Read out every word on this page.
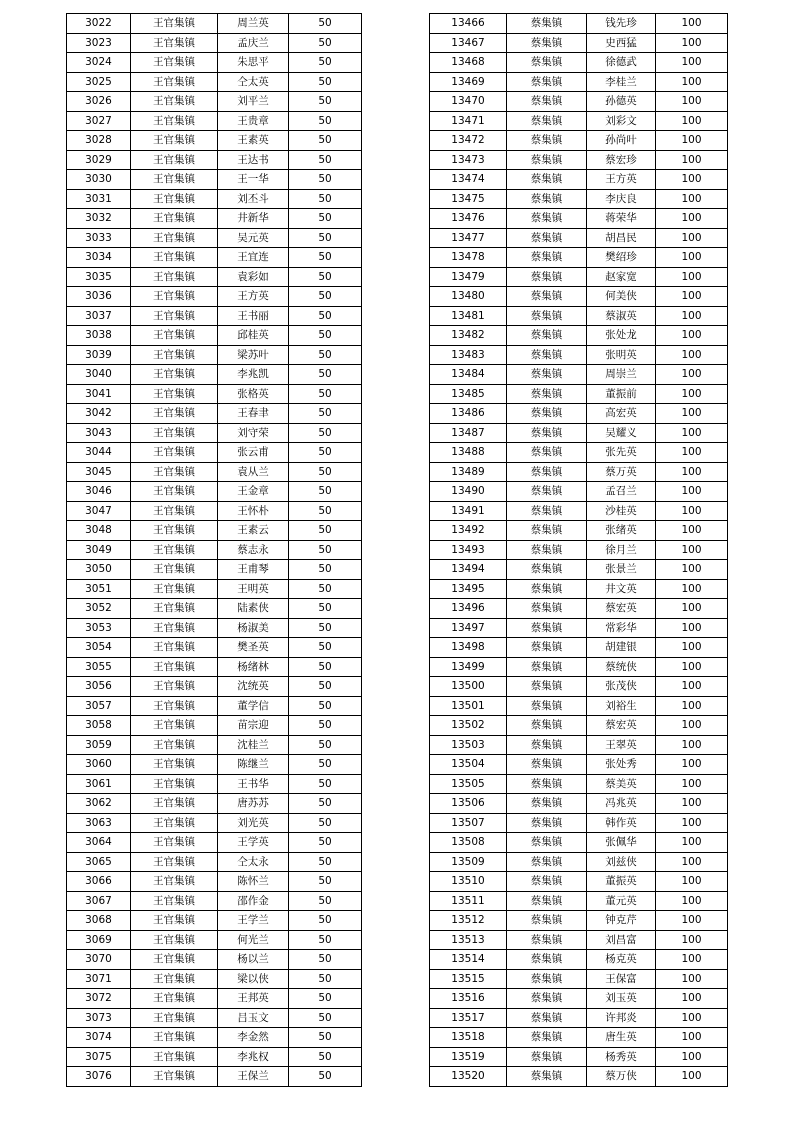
3022	王官集镇	周兰英	50
3023	王官集镇	孟庆兰	50
3024	王官集镇	朱思平	50
3025	王官集镇	仝太英	50
3026	王官集镇	刘平兰	50
3027	王官集镇	王贵章	50
3028	王官集镇	王素英	50
3029	王官集镇	王达书	50
3030	王官集镇	王一华	50
3031	王官集镇	刘丕斗	50
3032	王官集镇	井新华	50
3033	王官集镇	吴元英	50
3034	王官集镇	王宜连	50
3035	王官集镇	袁彩如	50
3036	王官集镇	王方英	50
3037	王官集镇	王书丽	50
3038	王官集镇	邱桂英	50
3039	王官集镇	梁苏叶	50
3040	王官集镇	李兆凯	50
3041	王官集镇	张格英	50
3042	王官集镇	王春聿	50
3043	王官集镇	刘守荣	50
3044	王官集镇	张云甫	50
3045	王官集镇	袁从兰	50
3046	王官集镇	王金章	50
3047	王官集镇	王怀朴	50
3048	王官集镇	王素云	50
3049	王官集镇	蔡志永	50
3050	王官集镇	王甫琴	50
3051	王官集镇	王明英	50
3052	王官集镇	陆素侠	50
3053	王官集镇	杨淑美	50
3054	王官集镇	樊圣英	50
3055	王官集镇	杨绪林	50
3056	王官集镇	沈统英	50
3057	王官集镇	董学信	50
3058	王官集镇	苗宗迎	50
3059	王官集镇	沈桂兰	50
3060	王官集镇	陈继兰	50
3061	王官集镇	王书华	50
3062	王官集镇	唐苏苏	50
3063	王官集镇	刘光英	50
3064	王官集镇	王学英	50
3065	王官集镇	仝太永	50
3066	王官集镇	陈怀兰	50
3067	王官集镇	邵作金	50
3068	王官集镇	王学兰	50
3069	王官集镇	何光兰	50
3070	王官集镇	杨以兰	50
3071	王官集镇	梁以侠	50
3072	王官集镇	王邦英	50
3073	王官集镇	吕玉文	50
3074	王官集镇	李金然	50
3075	王官集镇	李兆权	50
3076	王官集镇	王保兰	50
13466	蔡集镇	钱先珍	100
13467	蔡集镇	史西猛	100
13468	蔡集镇	徐德武	100
13469	蔡集镇	李桂兰	100
13470	蔡集镇	孙德英	100
13471	蔡集镇	刘彩文	100
13472	蔡集镇	孙尚叶	100
13473	蔡集镇	蔡宏珍	100
13474	蔡集镇	王方英	100
13475	蔡集镇	李庆良	100
13476	蔡集镇	蒋荣华	100
13477	蔡集镇	胡昌民	100
13478	蔡集镇	樊绍珍	100
13479	蔡集镇	赵家宽	100
13480	蔡集镇	何美侠	100
13481	蔡集镇	蔡淑英	100
13482	蔡集镇	张处龙	100
13483	蔡集镇	张明英	100
13484	蔡集镇	周崇兰	100
13485	蔡集镇	董振前	100
13486	蔡集镇	高宏英	100
13487	蔡集镇	吴耀义	100
13488	蔡集镇	张先英	100
13489	蔡集镇	蔡万英	100
13490	蔡集镇	孟召兰	100
13491	蔡集镇	沙桂英	100
13492	蔡集镇	张绪英	100
13493	蔡集镇	徐月兰	100
13494	蔡集镇	张景兰	100
13495	蔡集镇	井文英	100
13496	蔡集镇	蔡宏英	100
13497	蔡集镇	常彩华	100
13498	蔡集镇	胡建银	100
13499	蔡集镇	蔡统侠	100
13500	蔡集镇	张茂侠	100
13501	蔡集镇	刘裕生	100
13502	蔡集镇	蔡宏英	100
13503	蔡集镇	王翠英	100
13504	蔡集镇	张处秀	100
13505	蔡集镇	蔡美英	100
13506	蔡集镇	冯兆英	100
13507	蔡集镇	韩作英	100
13508	蔡集镇	张佩华	100
13509	蔡集镇	刘兹侠	100
13510	蔡集镇	董振英	100
13511	蔡集镇	董元英	100
13512	蔡集镇	钟克芹	100
13513	蔡集镇	刘昌富	100
13514	蔡集镇	杨克英	100
13515	蔡集镇	王保富	100
13516	蔡集镇	刘玉英	100
13517	蔡集镇	许邦炎	100
13518	蔡集镇	唐生英	100
13519	蔡集镇	杨秀英	100
13520	蔡集镇	蔡万侠	100
